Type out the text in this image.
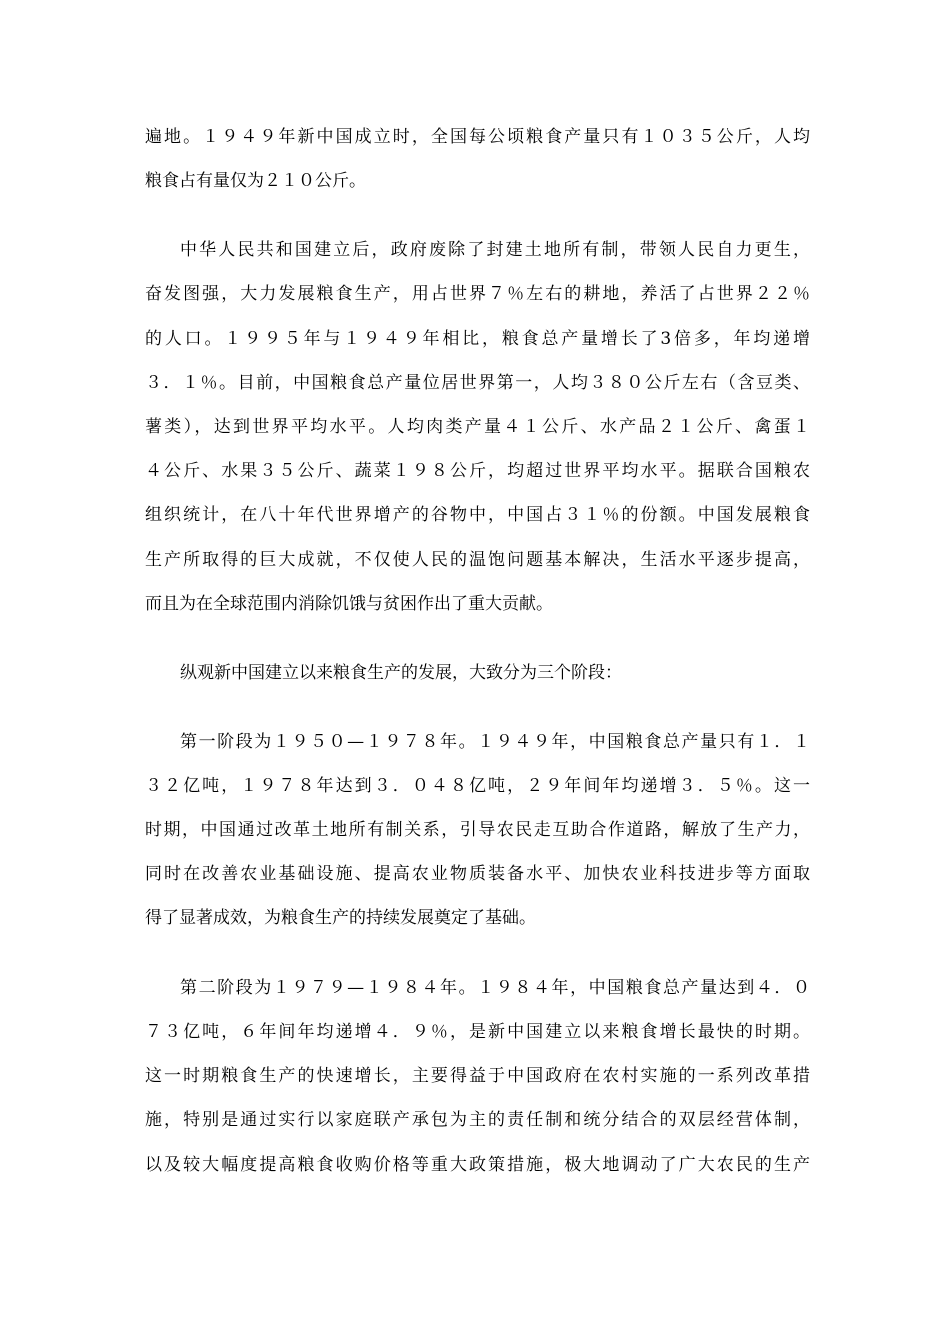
遍地。１９４９年新中国成立时，全国每公顷粮食产量只有１０３５公斤，人均
粮食占有量仅为２１０公斤。
中华人民共和国建立后，政府废除了封建土地所有制，带领人民自力更生，
奋发图强，大力发展粮食生产，用占世界７％左右的耕地，养活了占世界２２％
的人口。１９９５年与１９４９年相比，粮食总产量增长了3倍多，年均递增
３．１％。目前，中国粮食总产量位居世界第一，人均３８０公斤左右（含豆类、
薯类），达到世界平均水平。人均肉类产量４１公斤、水产品２１公斤、禽蛋１
４公斤、水果３５公斤、蔬菜１９８公斤，均超过世界平均水平。据联合国粮农
组织统计，在八十年代世界增产的谷物中，中国占３１％的份额。中国发展粮食
生产所取得的巨大成就，不仅使人民的温饱问题基本解决，生活水平逐步提高，
而且为在全球范围内消除饥饿与贫困作出了重大贡献。
纵观新中国建立以来粮食生产的发展，大致分为三个阶段：
第一阶段为１９５０—１９７８年。１９４９年，中国粮食总产量只有１．１
３２亿吨，１９７８年达到３．０４８亿吨，２９年间年均递增３．５％。这一
时期，中国通过改革土地所有制关系，引导农民走互助合作道路，解放了生产力，
同时在改善农业基础设施、提高农业物质装备水平、加快农业科技进步等方面取
得了显著成效，为粮食生产的持续发展奠定了基础。
第二阶段为１９７９—１９８４年。１９８４年，中国粮食总产量达到４．０
７３亿吨，６年间年均递增４．９％，是新中国建立以来粮食增长最快的时期。
这一时期粮食生产的快速增长，主要得益于中国政府在农村实施的一系列改革措
施，特别是通过实行以家庭联产承包为主的责任制和统分结合的双层经营体制，
以及较大幅度提高粮食收购价格等重大政策措施，极大地调动了广大农民的生产
